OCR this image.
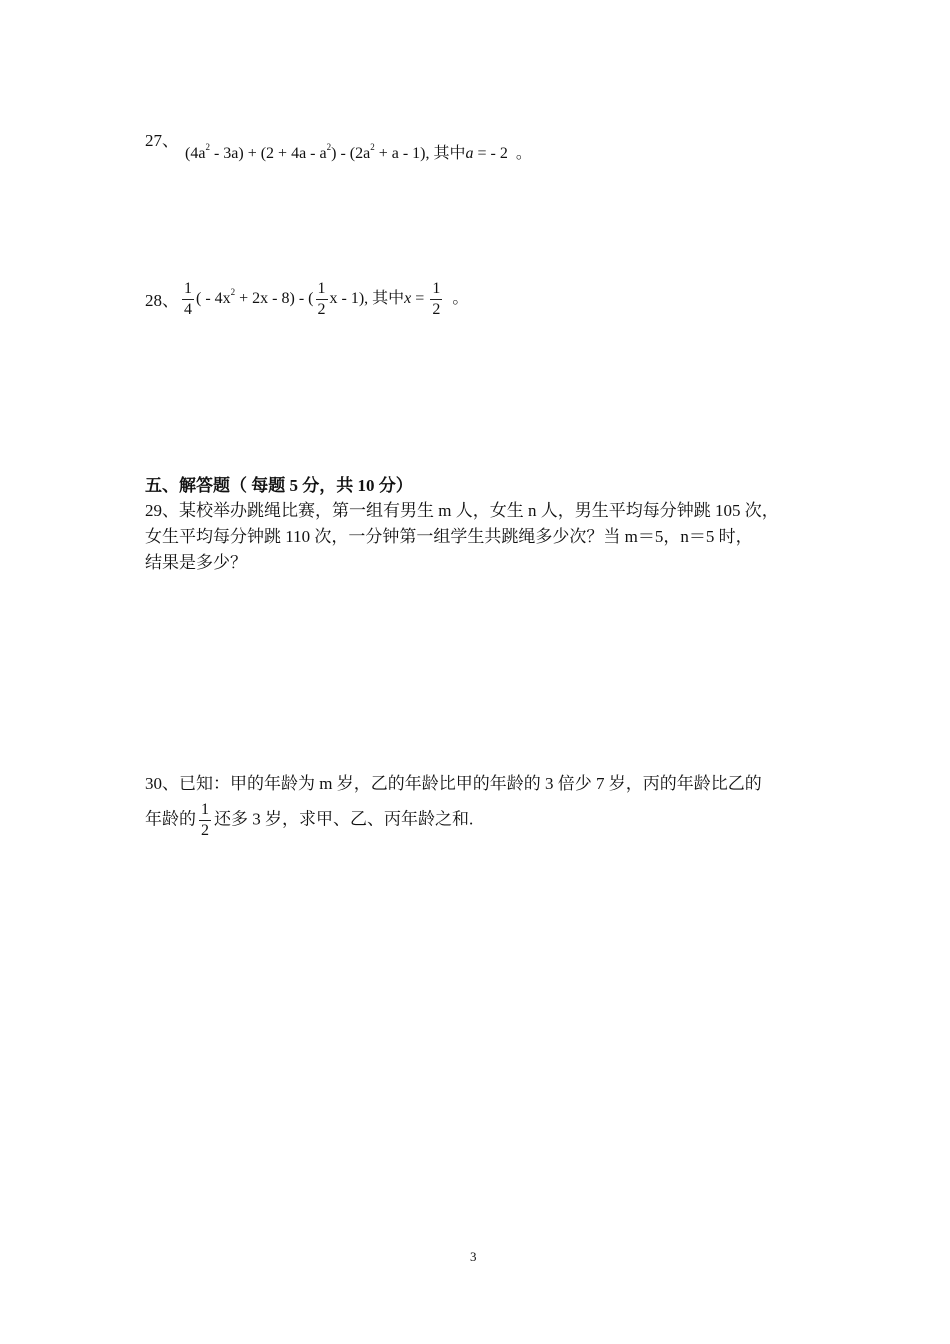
27、
$(4a^2 - 3a) + (2 + 4a - a^2) - (2a^2 + a - 1)$, 其中a = - 2 。
28、 $\frac{1}{4}$ ( - $4x^2 + 2x - 8$) - ( $\frac{1}{2}$ x - 1), 其中$x = \frac{1}{2}$ 。
五、解答题（ 每题 5 分，共 10 分）
29、某校举办跳绳比赛，第一组有男生 m 人，女生 n 人，男生平均每分钟跳 105 次，
女生平均每分钟跳 110 次，一分钟第一组学生共跳绳多少次？当 m＝5，n＝5 时，
结果是多少？
30、已知：甲的年龄为 m 岁，乙的年龄比甲的年龄的 3 倍少 7 岁，丙的年龄比乙的
年龄的 $\frac{1}{2}$ 还多 3 岁，求甲、乙、丙年龄之和.
3
